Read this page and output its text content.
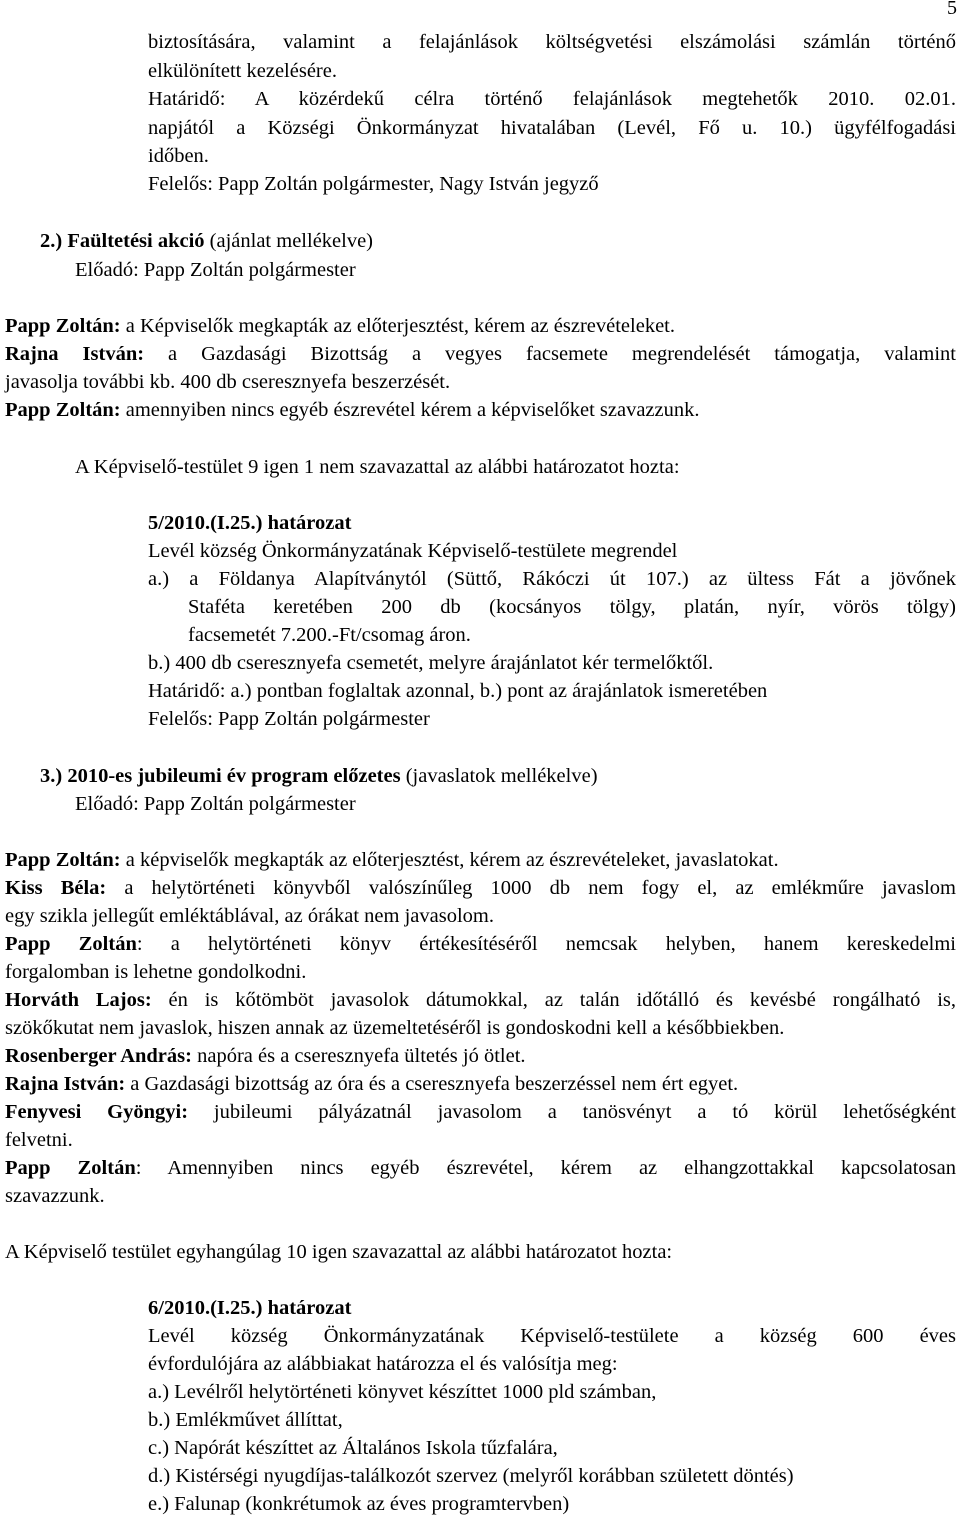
5
biztosítására, valamint a felajánlások költségvetési elszámolási számlán történő
elkülönített kezelésére.
Határidő: A közérdekű célra történő felajánlások megtehetők 2010. 02.01.
napjától a Községi Önkormányzat hivatalában (Levél, Fő u. 10.) ügyfélfogadási
időben.
Felelős: Papp Zoltán polgármester, Nagy István jegyző
2.) Faültetési akció (ajánlat mellékelve)
Előadó: Papp Zoltán polgármester
Papp Zoltán: a Képviselők megkapták az előterjesztést, kérem az észrevételeket.
Rajna István: a Gazdasági Bizottság a vegyes facsemete megrendelését támogatja, valamint
javasolja további kb. 400 db cseresznyefa beszerzését.
Papp Zoltán: amennyiben nincs egyéb észrevétel kérem a képviselőket szavazzunk.
A Képviselő-testület 9 igen 1 nem szavazattal az alábbi határozatot hozta:
5/2010.(I.25.) határozat
Levél község Önkormányzatának Képviselő-testülete megrendel
a.) a Földanya Alapítványtól (Süttő, Rákóczi út 107.) az ültess Fát a jövőnek
Staféta keretében 200 db (kocsányos tölgy, platán, nyír, vörös tölgy)
facsemetét 7.200.-Ft/csomag áron.
b.) 400 db cseresznyefa csemetét, melyre árajánlatot kér termelőktől.
Határidő: a.) pontban foglaltak azonnal, b.) pont az árajánlatok ismeretében
Felelős: Papp Zoltán polgármester
3.) 2010-es jubileumi év program előzetes (javaslatok mellékelve)
Előadó: Papp Zoltán polgármester
Papp Zoltán: a képviselők megkapták az előterjesztést, kérem az észrevételeket, javaslatokat.
Kiss Béla: a helytörténeti könyvből valószínűleg 1000 db nem fogy el, az emlékműre javaslom
egy szikla jellegűt emléktáblával, az órákat nem javasolom.
Papp Zoltán: a helytörténeti könyv értékesítéséről nemcsak helyben, hanem kereskedelmi
forgalomban is lehetne gondolkodni.
Horváth Lajos: én is kőtömböt javasolok dátumokkal, az talán időtálló és kevésbé rongálható is,
szökőkutat nem javaslok, hiszen annak az üzemeltetéséről is gondoskodni kell a későbbiekben.
Rosenberger András: napóra és a cseresznyefa ültetés jó ötlet.
Rajna István: a Gazdasági bizottság az óra és a cseresznyefa beszerzéssel nem ért egyet.
Fenyvesi Gyöngyi: jubileumi pályázatnál javasolom a tanösvényt a tó körül lehetőségként
felvetni.
Papp Zoltán: Amennyiben nincs egyéb észrevétel, kérem az elhangzottakkal kapcsolatosan
szavazzunk.
A Képviselő testület egyhangúlag 10 igen szavazattal az alábbi határozatot hozta:
6/2010.(I.25.) határozat
Levél község Önkormányzatának Képviselő-testülete a község 600 éves
évfordulójára az alábbiakat határozza el és valósítja meg:
a.) Levélről helytörténeti könyvet készíttet 1000 pld számban,
b.) Emlékművet állíttat,
c.) Napórát készíttet az Általános Iskola tűzfalára,
d.) Kistérségi nyugdíjas-találkozót szervez (melyről korábban született döntés)
e.) Falunap (konkrétumok az éves programtervben)
